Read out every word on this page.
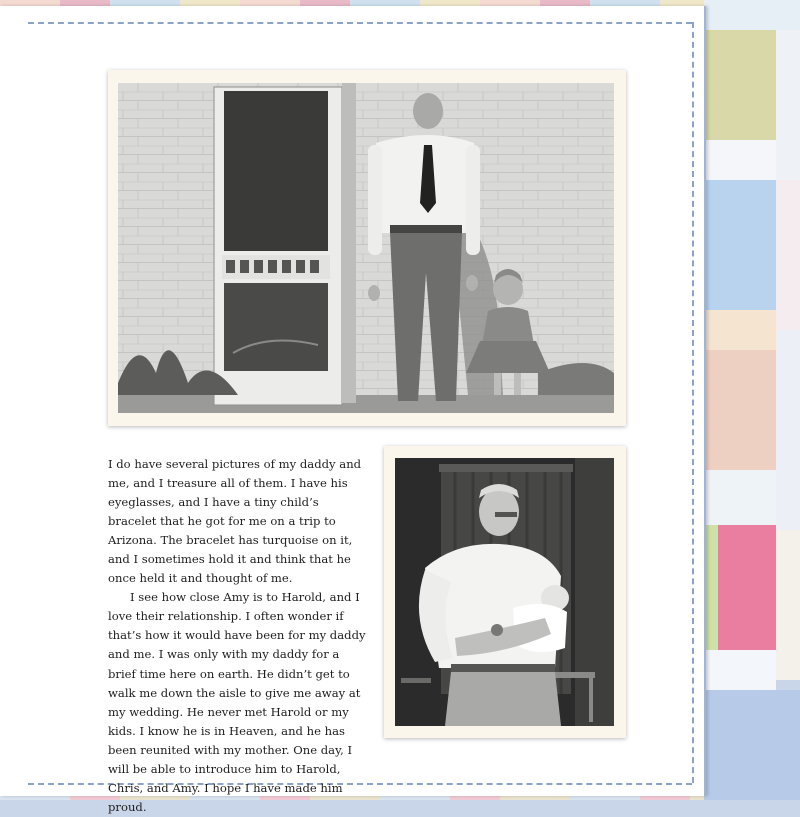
I do have several pictures of my daddy and me, and I treasure all of them. I have his eyeglasses, and I have a tiny child’s bracelet that he got for me on a trip to Arizona. The bracelet has turquoise on it, and I sometimes hold it and think that he once held it and thought of me.

I see how close Amy is to Harold, and I love their relationship. I often wonder if that’s how it would have been for my daddy and me. I was only with my daddy for a brief time here on earth. He didn’t get to walk me down the aisle to give me away at my wedding. He never met Harold or my kids. I know he is in Heaven, and he has been reunited with my mother. One day, I will be able to introduce him to Harold, Chris, and Amy. I hope I have made him proud.
